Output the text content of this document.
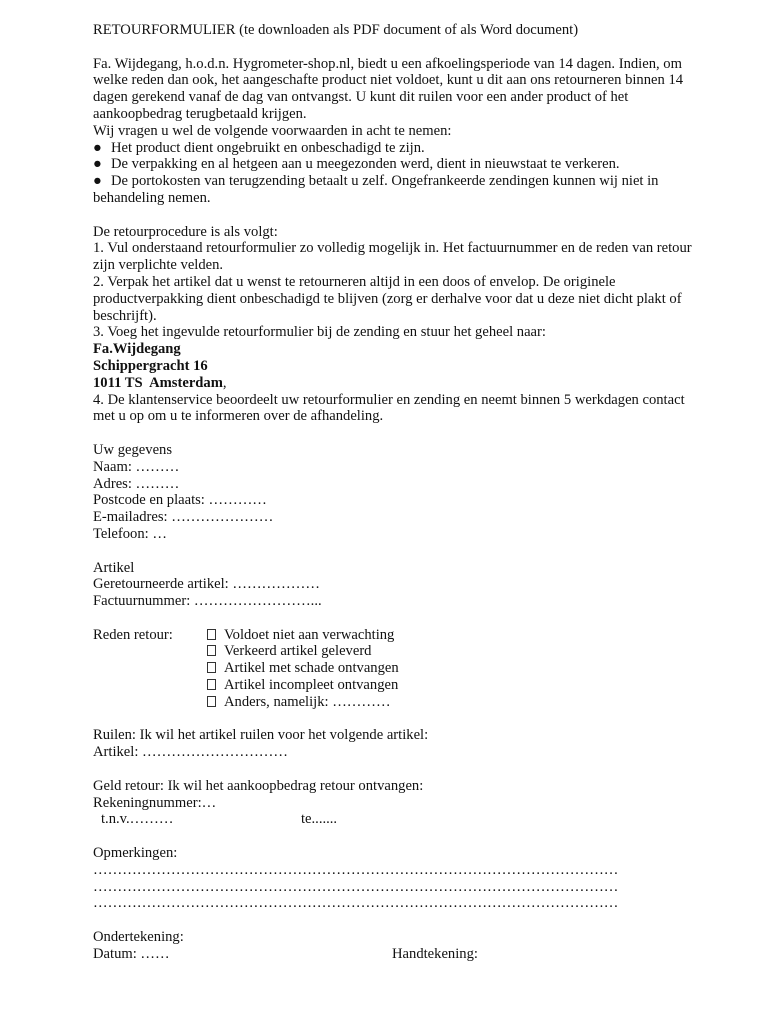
RETOURFORMULIER (te downloaden als PDF document of als Word document)

Fa. Wijdegang, h.o.d.n. Hygrometer-shop.nl, biedt u een afkoelingsperiode van 14 dagen. Indien, om welke reden dan ook, het aangeschafte product niet voldoet, kunt u dit aan ons retourneren binnen 14 dagen gerekend vanaf de dag van ontvangst. U kunt dit ruilen voor een ander product of het aankoopbedrag terugbetaald krijgen.

Wij vragen u wel de volgende voorwaarden in acht te nemen:

● Het product dient ongebruikt en onbeschadigd te zijn.
● De verpakking en al hetgeen aan u meegezonden werd, dient in nieuwstaat te verkeren.
● De portokosten van terugzending betaalt u zelf. Ongefrankeerde zendingen kunnen wij niet in behandeling nemen.

De retourprocedure is als volgt:

1. Vul onderstaand retourformulier zo volledig mogelijk in. Het factuurnummer en de reden van retour zijn verplichte velden.

2. Verpak het artikel dat u wenst te retourneren altijd in een doos of envelop. De originele productverpakking dient onbeschadigd te blijven (zorg er derhalve voor dat u deze niet dicht plakt of beschrijft).

3. Voeg het ingevulde retourformulier bij de zending en stuur het geheel naar:

Fa.Wijdegang

Schippergracht 16

1011 TS  Amsterdam,

4. De klantenservice beoordeelt uw retourformulier en zending en neemt binnen 5 werkdagen contact met u op om u te informeren over de afhandeling.

Uw gegevens

Naam: ………

Adres: ………

Postcode en plaats: …………

E-mailadres: …………………

Telefoon: …

Artikel

Geretourneerde artikel: ………………

Factuurnummer: ……………………...

Reden retour:	Voldoet niet aan verwachting
Verkeerd artikel geleverd
Artikel met schade ontvangen
Artikel incompleet ontvangen
Anders, namelijk: …………

Ruilen: Ik wil het artikel ruilen voor het volgende artikel:

Artikel: …………………………

Geld retour: Ik wil het aankoopbedrag retour ontvangen:

Rekeningnummer:…

t.n.v.………	te.......

Opmerkingen:

………………………………………………………………………………………………

………………………………………………………………………………………………

………………………………………………………………………………………………

Ondertekening:

Datum: ……	Handtekening:
